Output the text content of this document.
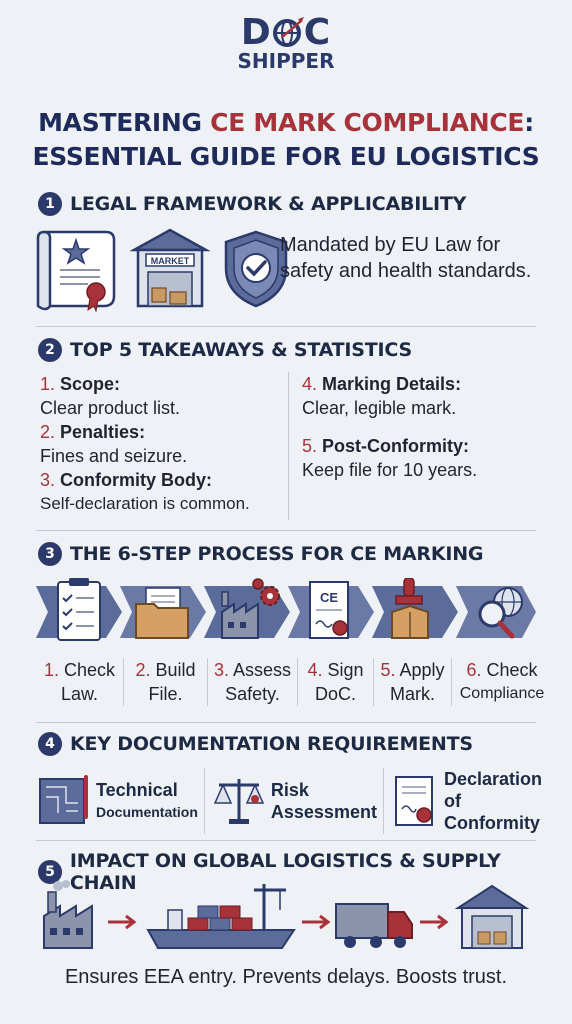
D C
SHIPPER
MASTERING CE MARK COMPLIANCE:
ESSENTIAL GUIDE FOR EU LOGISTICS
1 LEGAL FRAMEWORK & APPLICABILITY
MARKET
Mandated by EU Law for safety and health standards.
2 TOP 5 TAKEAWAYS & STATISTICS
1. Scope:
Clear product list.
2. Penalties:
Fines and seizure.
3. Conformity Body:
Self-declaration is common.
4. Marking Details:
Clear, legible mark.
5. Post-Conformity:
Keep file for 10 years.
3 THE 6-STEP PROCESS FOR CE MARKING
CE
1. Check
Law.
2. Build
File.
3. Assess
Safety.
4. Sign
DoC.
5. Apply
Mark.
6. Check
Compliance
4 KEY DOCUMENTATION REQUIREMENTS
Technical
Documentation
Risk
Assessment
Declaration
of Conformity
5 IMPACT ON GLOBAL LOGISTICS & SUPPLY CHAIN
Ensures EEA entry. Prevents delays. Boosts trust.
